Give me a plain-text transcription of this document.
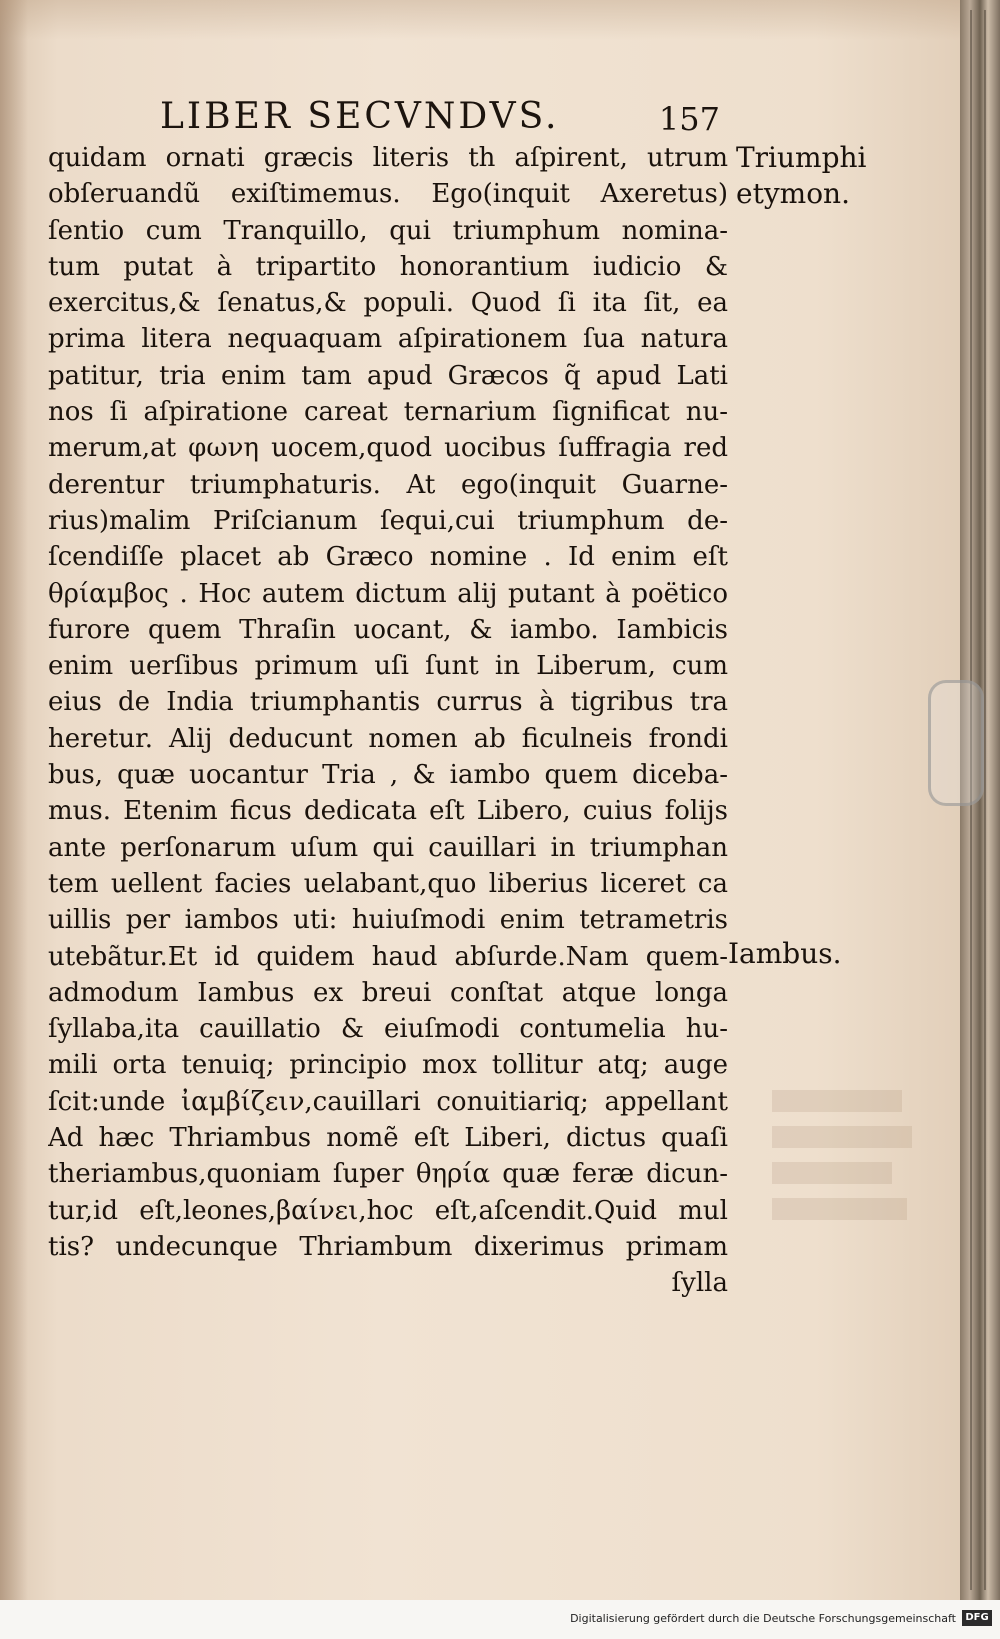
LIBER SECVNDVS.	157
quidam ornati græcis literis th aſpirent, utrum
obſeruandũ exiſtimemus. Ego(inquit Axeretus)
ſentio cum Tranquillo, qui triumphum nomina-
tum putat à tripartito honorantium iudicio &
exercitus,& ſenatus,& populi. Quod ſi ita ſit, ea
prima litera nequaquam aſpirationem ſua natura
patitur, tria enim tam apud Græcos q̃ apud Lati
nos ſi aſpiratione careat ternarium ſignificat nu-
merum,at φωνη uocem,quod uocibus ſuffragia red
derentur triumphaturis. At ego(inquit Guarne-
rius)malim Priſcianum ſequi,cui triumphum de-
ſcendiſſe placet ab Græco nomine . Id enim eſt
θρίαμβος . Hoc autem dictum alij putant à poëtico
furore quem Thraſin uocant, & iambo. Iambicis
enim uerſibus primum uſi ſunt in Liberum, cum
eius de India triumphantis currus à tigribus tra
heretur. Alij deducunt nomen ab ficulneis frondi
bus, quæ uocantur Tria , & iambo quem diceba-
mus. Etenim ficus dedicata eſt Libero, cuius folijs
ante perſonarum uſum qui cauillari in triumphan
tem uellent facies uelabant,quo liberius liceret ca
uillis per iambos uti: huiuſmodi enim tetrametris
utebãtur.Et id quidem haud abſurde.Nam quem-
admodum Iambus ex breui conſtat atque longa
ſyllaba,ita cauillatio & eiuſmodi contumelia hu-
mili orta tenuiq; principio mox tollitur atq; auge
ſcit:unde ἰαμβίζειν,cauillari conuitiariq; appellant
Ad hæc Thriambus nomẽ eſt Liberi, dictus quaſi
theriambus,quoniam ſuper θηρία quæ feræ dicun-
tur,id eſt,leones,βαίνει,hoc eſt,aſcendit.Quid mul
tis? undecunque Thriambum dixerimus primam
ſylla
Triumphi
etymon.
Iambus.
Digitalisierung gefördert durch die Deutsche Forschungsgemeinschaft DFG
